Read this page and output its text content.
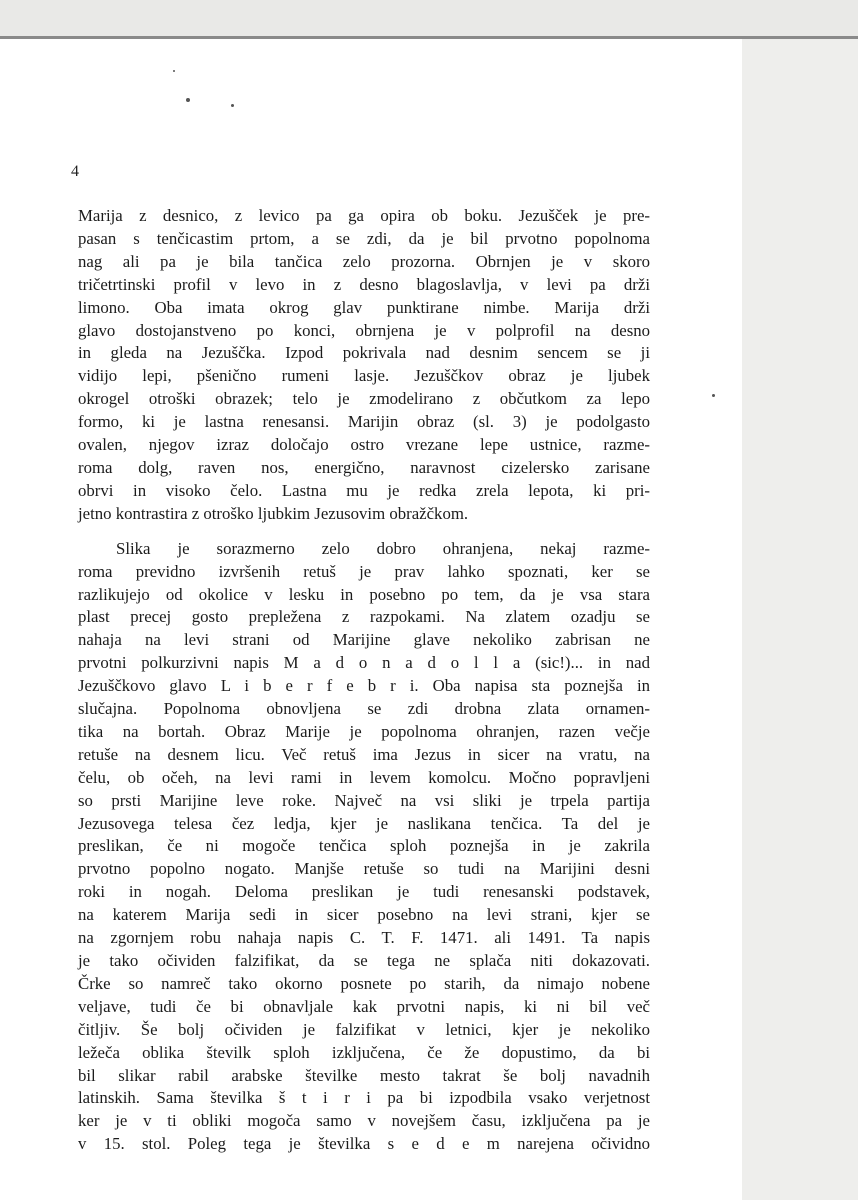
4
Marija z desnico, z levico pa ga opira ob boku. Jezušček je pre-
pasan s tenčicastim prtom, a se zdi, da je bil prvotno popolnoma
nag ali pa je bila tančica zelo prozorna. Obrnjen je v skoro
tričetrtinski profil v levo in z desno blagoslavlja, v levi pa drži
limono. Oba imata okrog glav punktirane nimbe. Marija drži
glavo dostojanstveno po konci, obrnjena je v polprofil na desno
in gleda na Jezuščka. Izpod pokrivala nad desnim sencem se ji
vidijo lepi, pšenično rumeni lasje. Jezuščkov obraz je ljubek
okrogel otroški obrazek; telo je zmodelirano z občutkom za lepo
formo, ki je lastna renesansi. Marijin obraz (sl. 3) je podolgasto
ovalen, njegov izraz določajo ostro vrezane lepe ustnice, razme-
roma dolg, raven nos, energično, naravnost cizelersko zarisane
obrvi in visoko čelo. Lastna mu je redka zrela lepota, ki pri-
jetno kontrastira z otroško ljubkim Jezusovim obražčkom.
Slika je sorazmerno zelo dobro ohranjena, nekaj razme-
roma previdno izvršenih retuš je prav lahko spoznati, ker se
razlikujejo od okolice v lesku in posebno po tem, da je vsa stara
plast precej gosto prepležena z razpokami. Na zlatem ozadju se
nahaja na levi strani od Marijine glave nekoliko zabrisan ne
prvotni polkurzivni napis M a d o n a d o l l a (sic!)... in nad
Jezuščkovo glavo L i b e r f e b r i. Oba napisa sta poznejša in
slučajna. Popolnoma obnovljena se zdi drobna zlata ornamen-
tika na bortah. Obraz Marije je popolnoma ohranjen, razen večje
retuše na desnem licu. Več retuš ima Jezus in sicer na vratu, na
čelu, ob očeh, na levi rami in levem komolcu. Močno popravljeni
so prsti Marijine leve roke. Največ na vsi sliki je trpela partija
Jezusovega telesa čez ledja, kjer je naslikana tenčica. Ta del je
preslikan, če ni mogoče tenčica sploh poznejša in je zakrila
prvotno popolno nogato. Manjše retuše so tudi na Marijini desni
roki in nogah. Deloma preslikan je tudi renesanski podstavek,
na katerem Marija sedi in sicer posebno na levi strani, kjer se
na zgornjem robu nahaja napis C. T. F. 1471. ali 1491. Ta napis
je tako očividen falzifikat, da se tega ne splača niti dokazovati.
Črke so namreč tako okorno posnete po starih, da nimajo nobene
veljave, tudi če bi obnavljale kak prvotni napis, ki ni bil več
čitljiv. Še bolj očividen je falzifikat v letnici, kjer je nekoliko
ležeča oblika številk sploh izključena, če že dopustimo, da bi
bil slikar rabil arabske številke mesto takrat še bolj navadnih
latinskih. Sama številka š t i r i pa bi izpodbila vsako verjetnost
ker je v ti obliki mogoča samo v novejšem času, izključena pa je
v 15. stol. Poleg tega je številka s e d e m narejena očividno
